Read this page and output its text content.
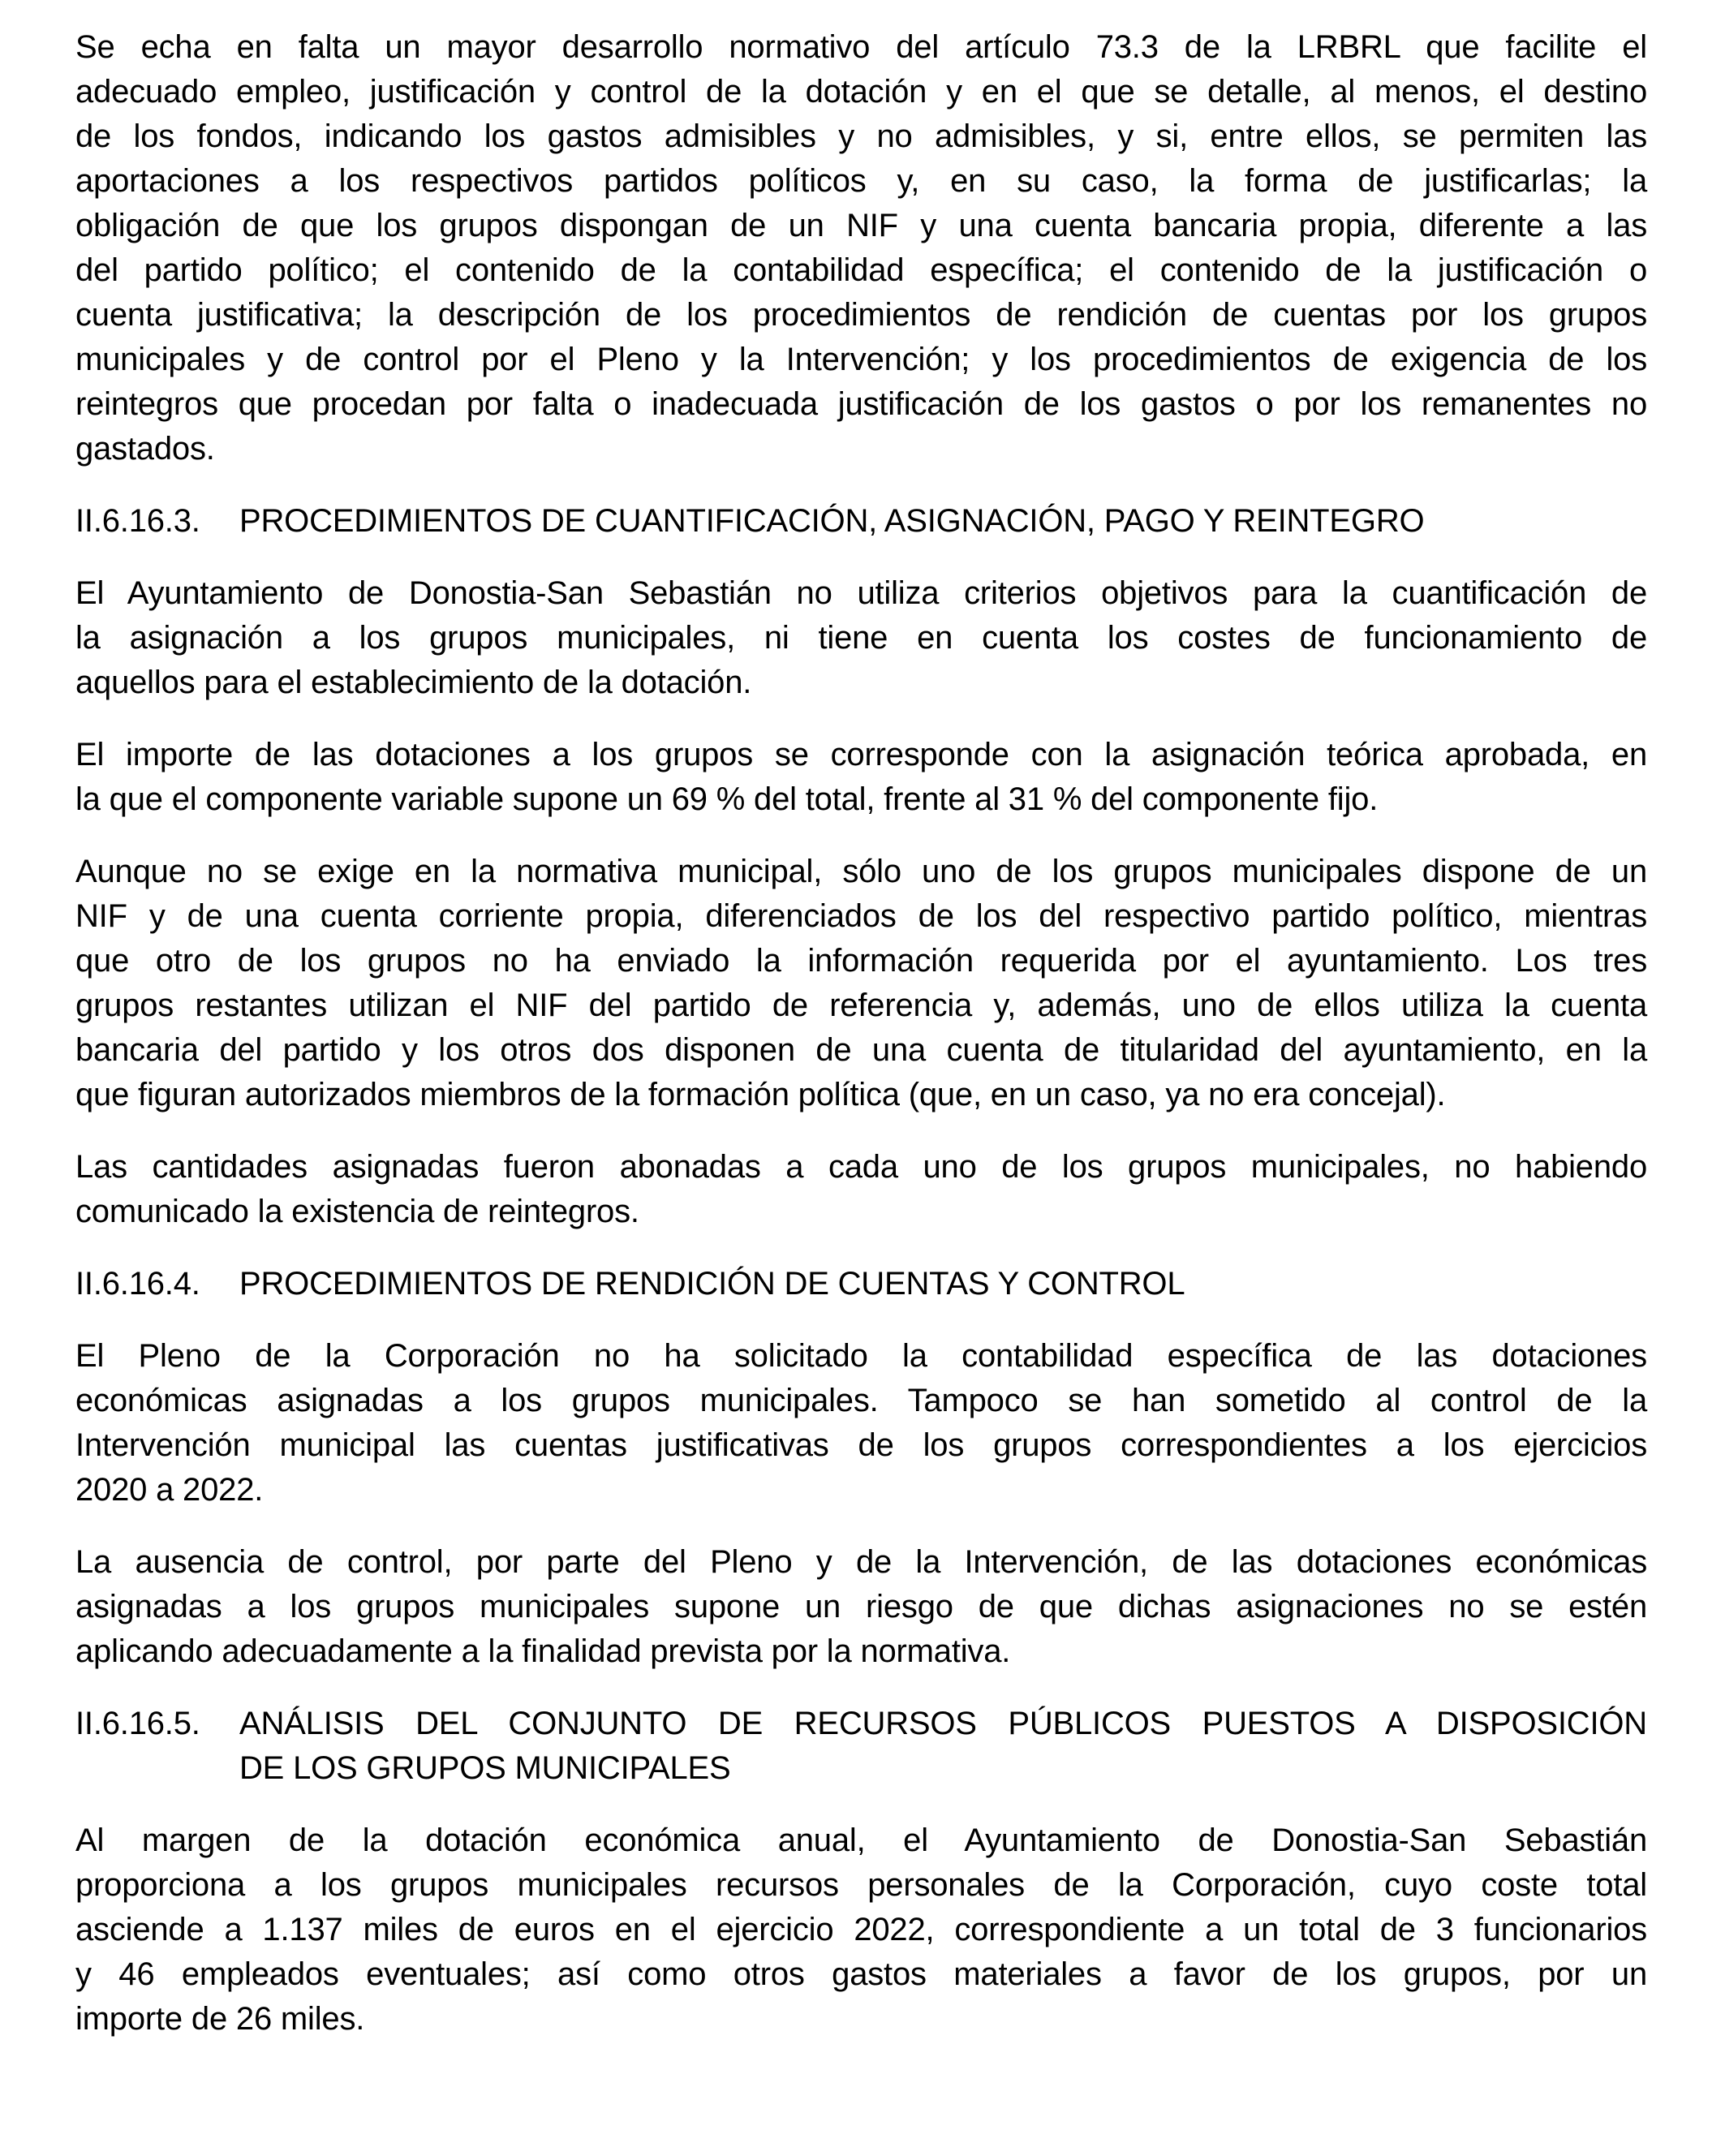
Se echa en falta un mayor desarrollo normativo del artículo 73.3 de la LRBRL que facilite el
adecuado empleo, justificación y control de la dotación y en el que se detalle, al menos, el destino
de los fondos, indicando los gastos admisibles y no admisibles, y si, entre ellos, se permiten las
aportaciones a los respectivos partidos políticos y, en su caso, la forma de justificarlas; la
obligación de que los grupos dispongan de un NIF y una cuenta bancaria propia, diferente a las
del partido político; el contenido de la contabilidad específica; el contenido de la justificación o
cuenta justificativa; la descripción de los procedimientos de rendición de cuentas por los grupos
municipales y de control por el Pleno y la Intervención; y los procedimientos de exigencia de los
reintegros que procedan por falta o inadecuada justificación de los gastos o por los remanentes no
gastados.
II.6.16.3.	PROCEDIMIENTOS DE CUANTIFICACIÓN, ASIGNACIÓN, PAGO Y REINTEGRO
El Ayuntamiento de Donostia-San Sebastián no utiliza criterios objetivos para la cuantificación de
la asignación a los grupos municipales, ni tiene en cuenta los costes de funcionamiento de
aquellos para el establecimiento de la dotación.
El importe de las dotaciones a los grupos se corresponde con la asignación teórica aprobada, en
la que el componente variable supone un 69 % del total, frente al 31 % del componente fijo.
Aunque no se exige en la normativa municipal, sólo uno de los grupos municipales dispone de un
NIF y de una cuenta corriente propia, diferenciados de los del respectivo partido político, mientras
que otro de los grupos no ha enviado la información requerida por el ayuntamiento. Los tres
grupos restantes utilizan el NIF del partido de referencia y, además, uno de ellos utiliza la cuenta
bancaria del partido y los otros dos disponen de una cuenta de titularidad del ayuntamiento, en la
que figuran autorizados miembros de la formación política (que, en un caso, ya no era concejal).
Las cantidades asignadas fueron abonadas a cada uno de los grupos municipales, no habiendo
comunicado la existencia de reintegros.
II.6.16.4.	PROCEDIMIENTOS DE RENDICIÓN DE CUENTAS Y CONTROL
El Pleno de la Corporación no ha solicitado la contabilidad específica de las dotaciones
económicas asignadas a los grupos municipales. Tampoco se han sometido al control de la
Intervención municipal las cuentas justificativas de los grupos correspondientes a los ejercicios
2020 a 2022.
La ausencia de control, por parte del Pleno y de la Intervención, de las dotaciones económicas
asignadas a los grupos municipales supone un riesgo de que dichas asignaciones no se estén
aplicando adecuadamente a la finalidad prevista por la normativa.
II.6.16.5.	ANÁLISIS DEL CONJUNTO DE RECURSOS PÚBLICOS PUESTOS A DISPOSICIÓN
DE LOS GRUPOS MUNICIPALES
Al margen de la dotación económica anual, el Ayuntamiento de Donostia-San Sebastián
proporciona a los grupos municipales recursos personales de la Corporación, cuyo coste total
asciende a 1.137 miles de euros en el ejercicio 2022, correspondiente a un total de 3 funcionarios
y 46 empleados eventuales; así como otros gastos materiales a favor de los grupos, por un
importe de 26 miles.
